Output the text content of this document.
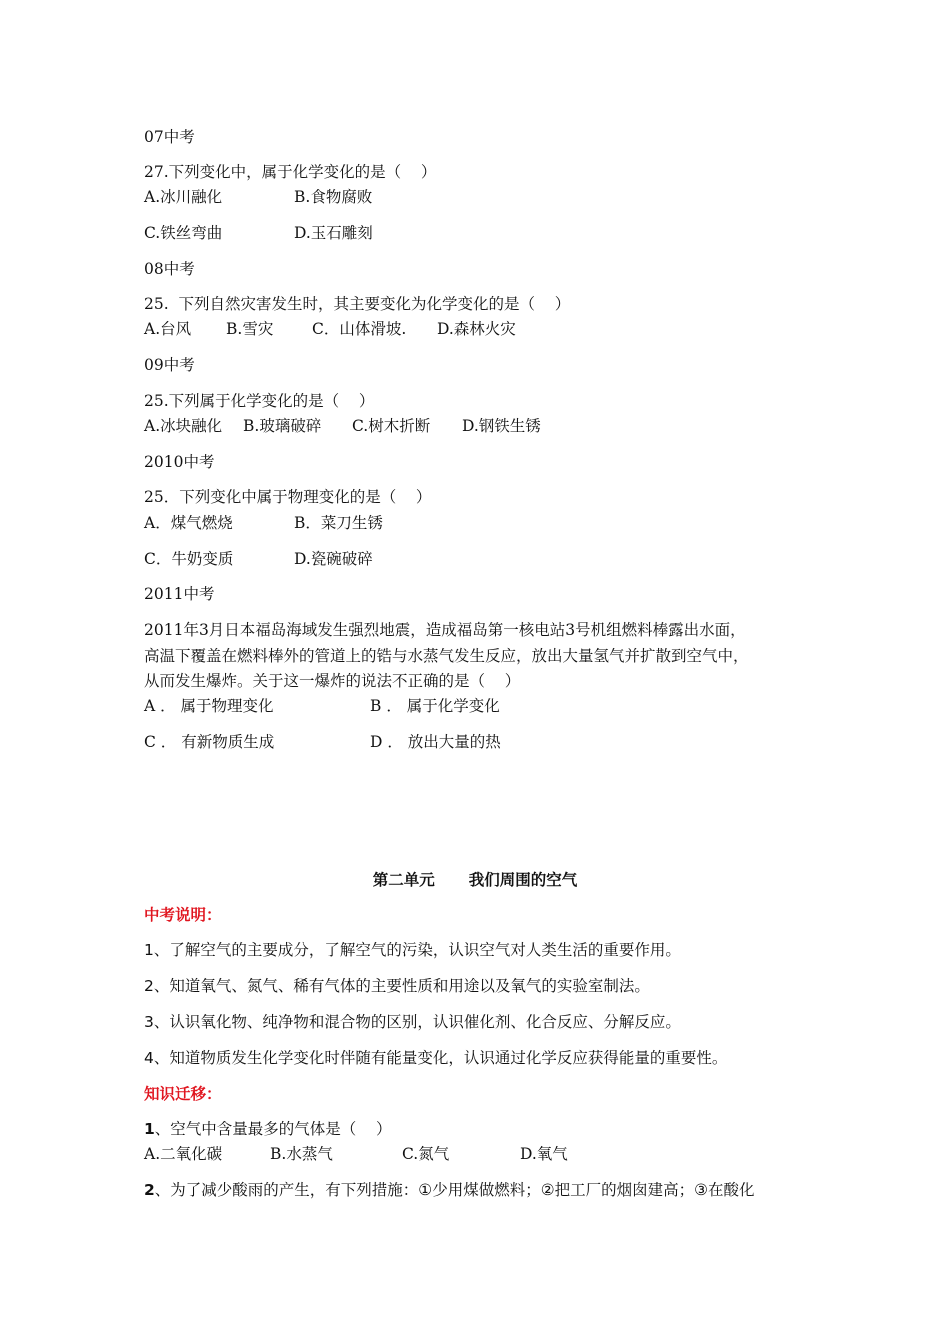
07中考
27.下列变化中，属于化学变化的是（    ）
A.冰川融化	B.食物腐败
C.铁丝弯曲	D.玉石雕刻
08中考
25.  下列自然灾害发生时，其主要变化为化学变化的是（    ）
A.台风 B.雪灾 C．山体滑坡. D.森林火灾
09中考
25.下列属于化学变化的是（    ）
A.冰块融化 B.玻璃破碎 C.树木折断 D.钢铁生锈
2010中考
25．下列变化中属于物理变化的是（    ）
A．煤气燃烧	B．菜刀生锈
C．牛奶变质	D.瓷碗破碎
2011中考
2011年3月日本福岛海域发生强烈地震，造成福岛第一核电站3号机组燃料棒露出水面，
高温下覆盖在燃料棒外的管道上的锆与水蒸气发生反应，放出大量氢气并扩散到空气中，
从而发生爆炸。关于这一爆炸的说法不正确的是（    ）
A ． 属于物理变化	B ． 属于化学变化
C ． 有新物质生成	D ． 放出大量的热
第二单元 我们周围的空气
中考说明：
1、了解空气的主要成分，了解空气的污染，认识空气对人类生活的重要作用。
2、知道氧气、氮气、稀有气体的主要性质和用途以及氧气的实验室制法。
3、认识氧化物、纯净物和混合物的区别，认识催化剂、化合反应、分解反应。
4、知道物质发生化学变化时伴随有能量变化，认识通过化学反应获得能量的重要性。
知识迁移：
1、空气中含量最多的气体是（    ）
A.二氧化碳	B.水蒸气	C.氮气	D.氧气
2、为了减少酸雨的产生，有下列措施：①少用煤做燃料；②把工厂的烟囱建高；③在酸化
